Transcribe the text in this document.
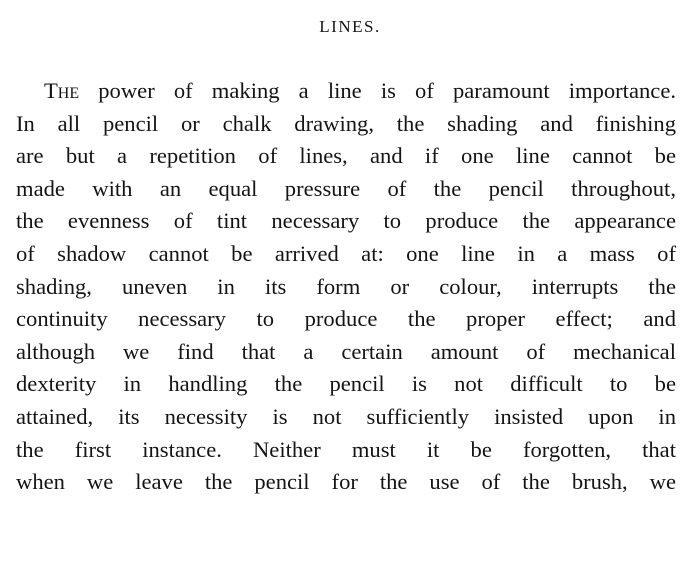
LINES.
The power of making a line is of paramount importance.
In all pencil or chalk drawing, the shading and finishing
are but a repetition of lines, and if one line cannot be
made with an equal pressure of the pencil throughout,
the evenness of tint necessary to produce the appearance
of shadow cannot be arrived at: one line in a mass of
shading, uneven in its form or colour, interrupts the
continuity necessary to produce the proper effect; and
although we find that a certain amount of mechanical
dexterity in handling the pencil is not difficult to be
attained, its necessity is not sufficiently insisted upon in
the first instance. Neither must it be forgotten, that
when we leave the pencil for the use of the brush, we
